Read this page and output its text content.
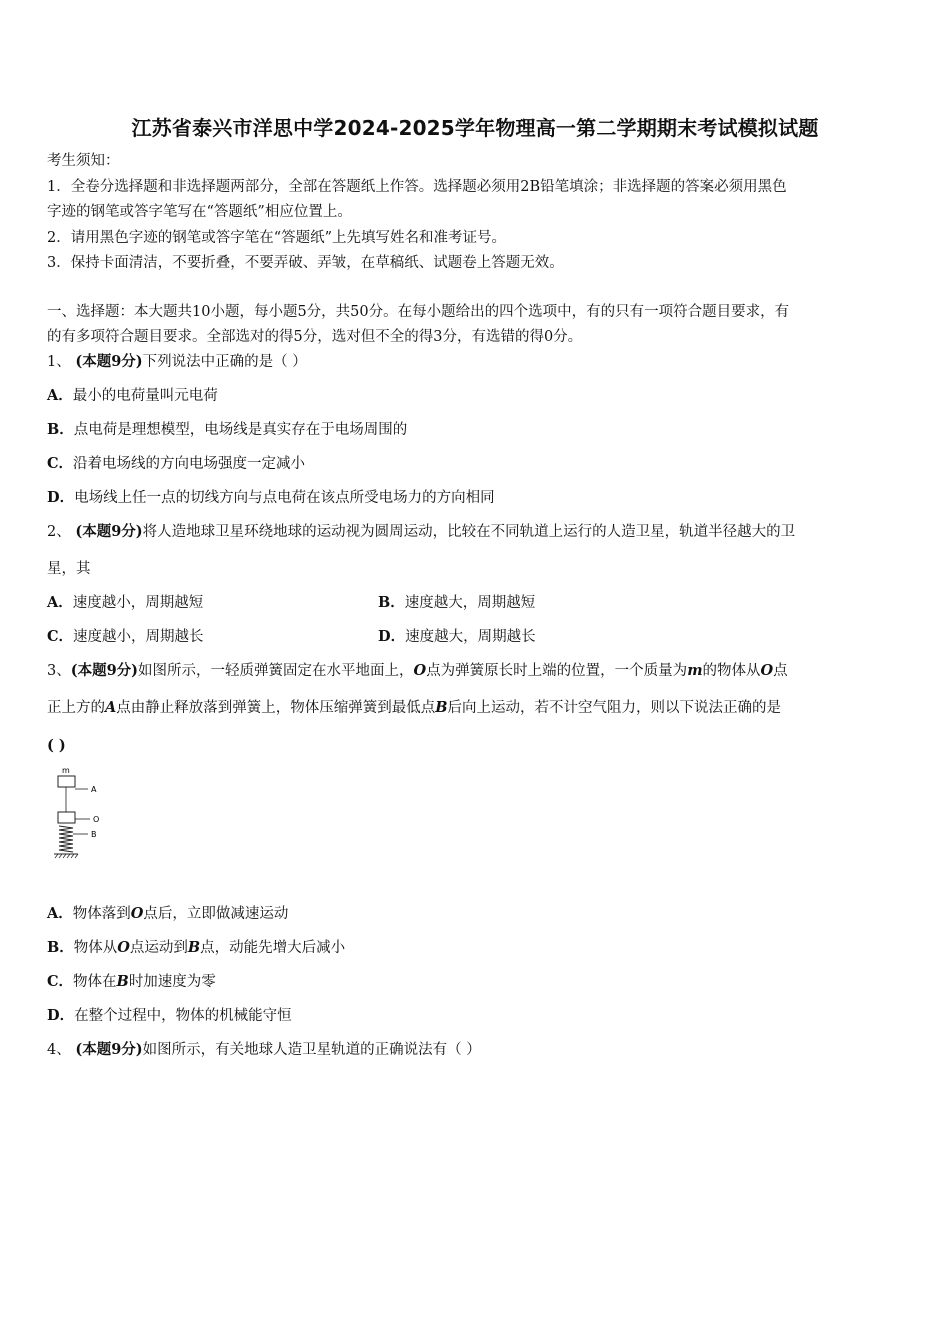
江苏省泰兴市洋思中学2024-2025学年物理高一第二学期期末考试模拟试题
考生须知：
1．全卷分选择题和非选择题两部分，全部在答题纸上作答。选择题必须用2B铅笔填涂；非选择题的答案必须用黑色
字迹的钢笔或答字笔写在“答题纸”相应位置上。
2．请用黑色字迹的钢笔或答字笔在“答题纸”上先填写姓名和准考证号。
3．保持卡面清洁，不要折叠，不要弄破、弄皱，在草稿纸、试题卷上答题无效。
一、选择题：本大题共10小题，每小题5分，共50分。在每小题给出的四个选项中，有的只有一项符合题目要求，有
的有多项符合题目要求。全部选对的得5分，选对但不全的得3分，有选错的得0分。
1、 (本题9分)下列说法中正确的是（ ）
A．最小的电荷量叫元电荷
B．点电荷是理想模型，电场线是真实存在于电场周围的
C．沿着电场线的方向电场强度一定减小
D．电场线上任一点的切线方向与点电荷在该点所受电场力的方向相同
2、 (本题9分)将人造地球卫星环绕地球的运动视为圆周运动，比较在不同轨道上运行的人造卫星，轨道半径越大的卫
星，其
A．速度越小，周期越短	B．速度越大，周期越短
C．速度越小，周期越长	D．速度越大，周期越长
3、(本题9分)如图所示，一轻质弹簧固定在水平地面上，O点为弹簧原长时上端的位置，一个质量为m的物体从O点
正上方的A点由静止释放落到弹簧上，物体压缩弹簧到最低点B后向上运动，若不计空气阻力，则以下说法正确的是
( )
m
A
O
B
A．物体落到O点后，立即做减速运动
B．物体从O点运动到B点，动能先增大后减小
C．物体在B时加速度为零
D．在整个过程中，物体的机械能守恒
4、 (本题9分)如图所示，有关地球人造卫星轨道的正确说法有（ ）
